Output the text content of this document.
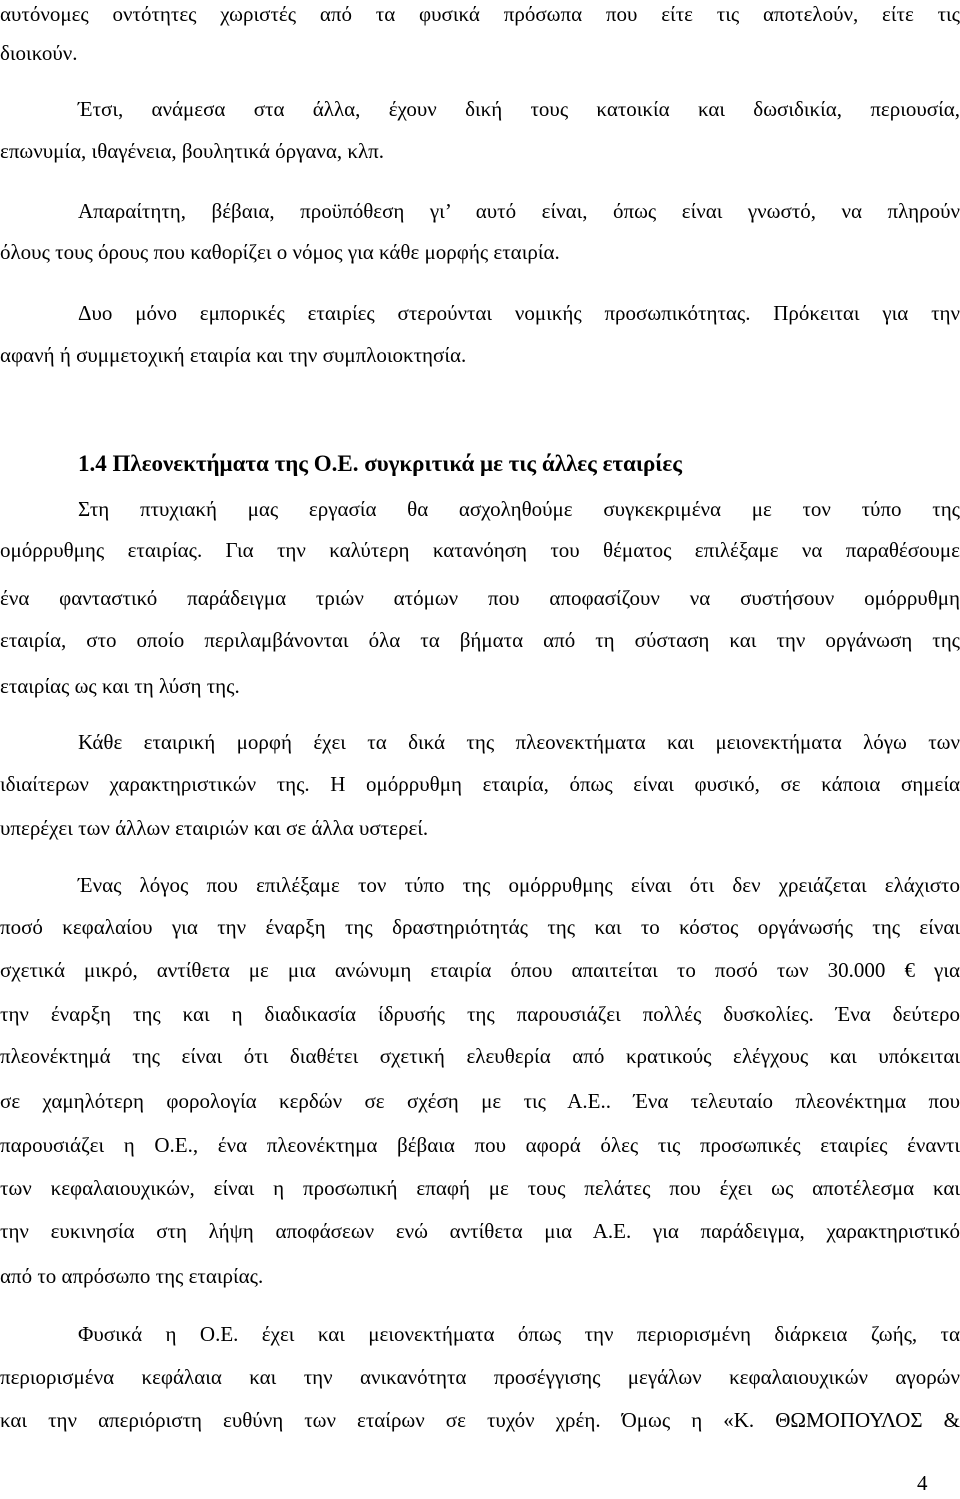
αυτόνομες οντότητες χωριστές από τα φυσικά πρόσωπα που είτε τις αποτελούν, είτε τις
διοικούν.
Έτσι, ανάμεσα στα άλλα, έχουν δική τους κατοικία και δωσιδικία, περιουσία,
επωνυμία, ιθαγένεια, βουλητικά όργανα, κλπ.
Απαραίτητη, βέβαια, προϋπόθεση γι’ αυτό είναι, όπως είναι γνωστό, να πληρούν
όλους τους όρους που καθορίζει ο νόμος για κάθε μορφής εταιρία.
Δυο μόνο εμπορικές εταιρίες στερούνται νομικής προσωπικότητας. Πρόκειται για την
αφανή ή συμμετοχική εταιρία και την συμπλοιοκτησία.
1.4 Πλεονεκτήματα της Ο.Ε. συγκριτικά με τις άλλες εταιρίες
Στη πτυχιακή μας εργασία θα ασχοληθούμε συγκεκριμένα με τον τύπο της
ομόρρυθμης εταιρίας. Για την καλύτερη κατανόηση του θέματος επιλέξαμε να παραθέσουμε
ένα φανταστικό παράδειγμα τριών ατόμων που αποφασίζουν να συστήσουν ομόρρυθμη
εταιρία, στο οποίο περιλαμβάνονται όλα τα βήματα από τη σύσταση και την οργάνωση της
εταιρίας ως και τη λύση της.
Κάθε εταιρική μορφή έχει τα δικά της πλεονεκτήματα και μειονεκτήματα λόγω των
ιδιαίτερων χαρακτηριστικών της. Η ομόρρυθμη εταιρία, όπως είναι φυσικό, σε κάποια σημεία
υπερέχει των άλλων εταιριών και σε άλλα υστερεί.
Ένας λόγος που επιλέξαμε τον τύπο της ομόρρυθμης είναι ότι δεν χρειάζεται ελάχιστο
ποσό κεφαλαίου για την έναρξη της δραστηριότητάς της και το κόστος οργάνωσής της είναι
σχετικά μικρό, αντίθετα με μια ανώνυμη εταιρία όπου απαιτείται το ποσό των 30.000 € για
την έναρξη της και η διαδικασία ίδρυσής της παρουσιάζει πολλές δυσκολίες. Ένα δεύτερο
πλεονέκτημά της είναι ότι διαθέτει σχετική ελευθερία από κρατικούς ελέγχους και υπόκειται
σε χαμηλότερη φορολογία κερδών σε σχέση με τις Α.Ε.. Ένα τελευταίο πλεονέκτημα που
παρουσιάζει η Ο.Ε., ένα πλεονέκτημα βέβαια που αφορά όλες τις προσωπικές εταιρίες έναντι
των κεφαλαιουχικών, είναι η προσωπική επαφή με τους πελάτες που έχει ως αποτέλεσμα και
την ευκινησία στη λήψη αποφάσεων ενώ αντίθετα μια Α.Ε. για παράδειγμα, χαρακτηριστικό
από το απρόσωπο της εταιρίας.
Φυσικά η Ο.Ε. έχει και μειονεκτήματα όπως την περιορισμένη διάρκεια ζωής, τα
περιορισμένα κεφάλαια και την ανικανότητα προσέγγισης μεγάλων κεφαλαιουχικών αγορών
και την απεριόριστη ευθύνη των εταίρων σε τυχόν χρέη. Όμως η «Κ. ΘΩΜΟΠΟΥΛΟΣ &
4
